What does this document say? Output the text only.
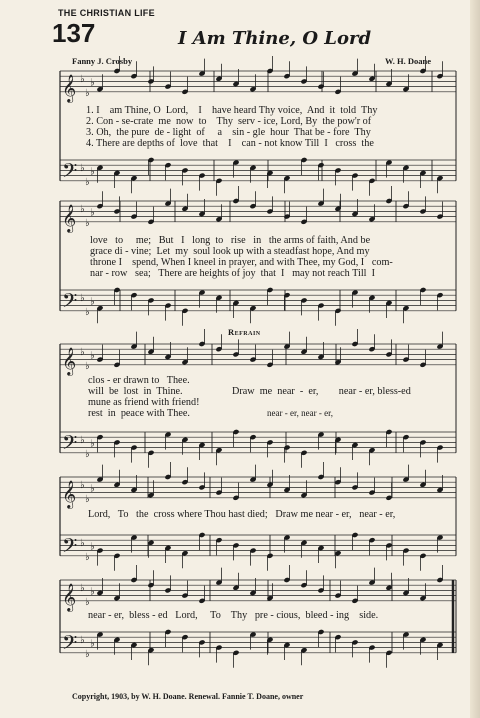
THE CHRISTIAN LIFE
137	I Am Thine, O Lord
Fanny J. Crosby	W. H. Doane
𝄞 ♭
♭
♭
𝄢 ♭
♭
♭
𝄞 ♭
♭
♭
𝄢 ♭
♭
♭
𝄞 ♭
♭
♭
𝄢 ♭
♭
♭
𝄞 ♭
♭
♭
𝄢 ♭
♭
♭
𝄞 ♭
♭
♭
𝄢 ♭
♭
♭
1. I    am Thine, O  Lord,    I    have heard Thy voice,  And  it  told  Thy
2. Con - se-crate  me  now  to    Thy  serv - ice, Lord, By  the pow'r of
3. Oh,  the pure  de - light  of     a    sin - gle  hour  That be - fore  Thy
4. There are depths of  love  that    I    can - not know Till  I   cross  the
love   to     me;   But   I   long  to   rise   in   the arms of faith, And be
grace di - vine;  Let  my  soul look up with a steadfast hope, And my
throne I    spend, When I kneel in prayer, and with Thee, my God, I   com-
nar - row   sea;   There are heights of joy  that  I   may not reach Till  I
Refrain
clos - er drawn to   Thee.
will  be  lost  in  Thine.
mune as friend with friend!
rest  in  peace with Thee.
Draw  me  near  -  er,        near - er, bless-ed
near - er, near - er,
Lord,   To   the  cross where Thou hast died;   Draw me near - er,   near - er,
near - er,  bless - ed   Lord,     To    Thy   pre - cious,  bleed - ing    side.
Copyright, 1903, by W. H. Doane. Renewal. Fannie T. Doane, owner
